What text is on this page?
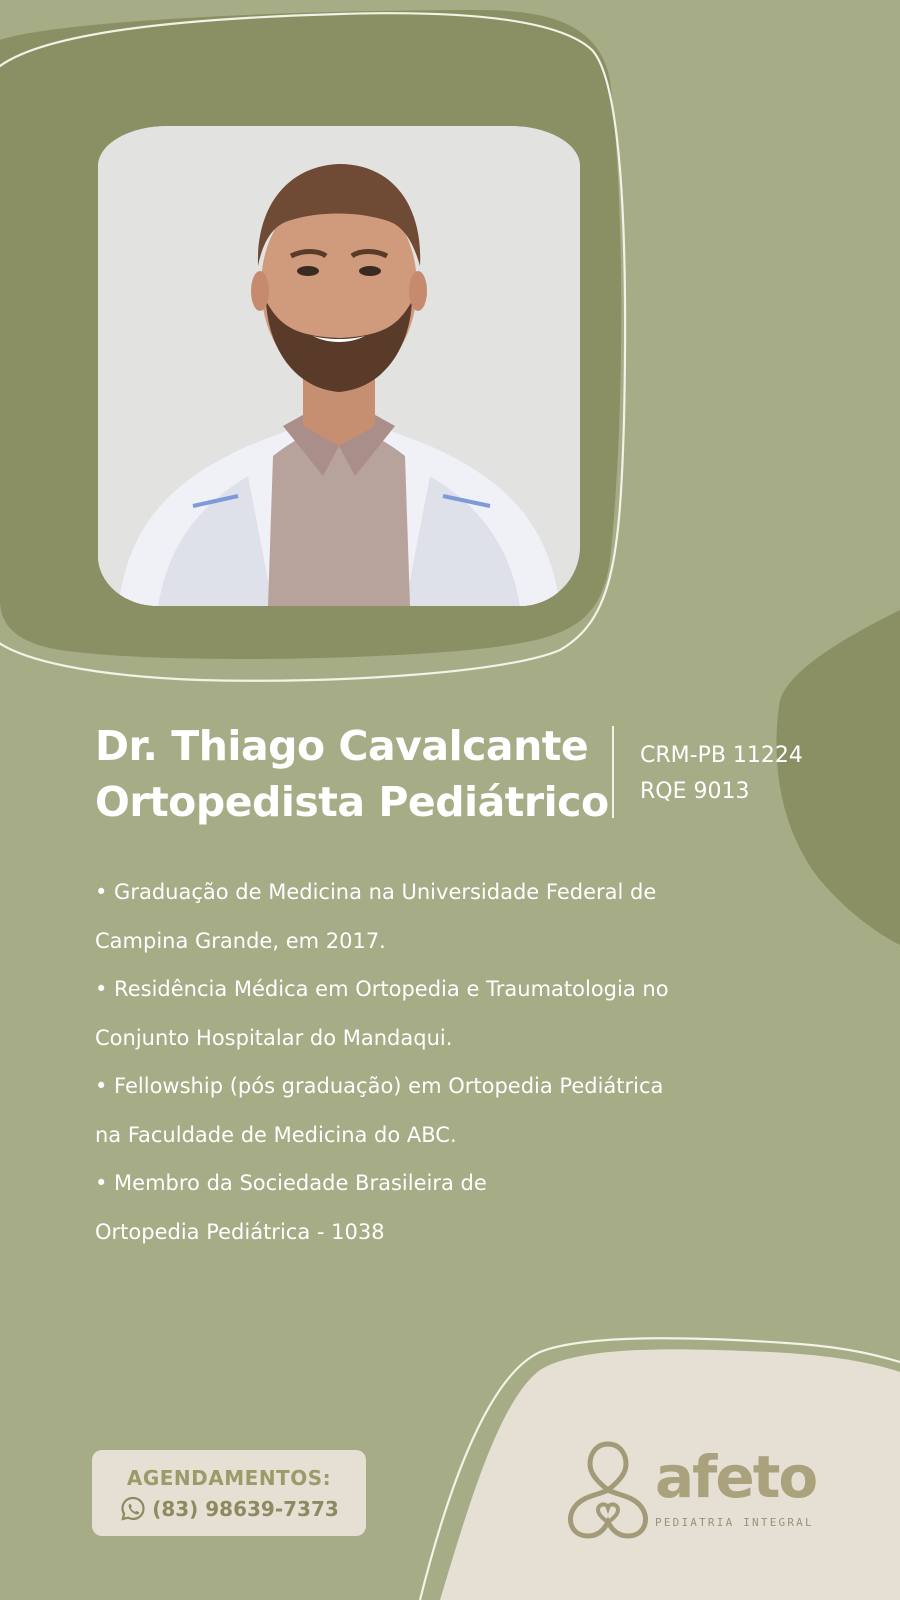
Dr. Thiago Cavalcante
Ortopedista Pediátrico
CRM-PB 11224
RQE 9013
• Graduação de Medicina na Universidade Federal de
Campina Grande, em 2017.
• Residência Médica em Ortopedia e Traumatologia no
Conjunto Hospitalar do Mandaqui.
• Fellowship (pós graduação) em Ortopedia Pediátrica
na Faculdade de Medicina do ABC.
• Membro da Sociedade Brasileira de
Ortopedia Pediátrica - 1038
AGENDAMENTOS:
(83) 98639-7373	afeto
PEDIATRIA INTEGRAL
